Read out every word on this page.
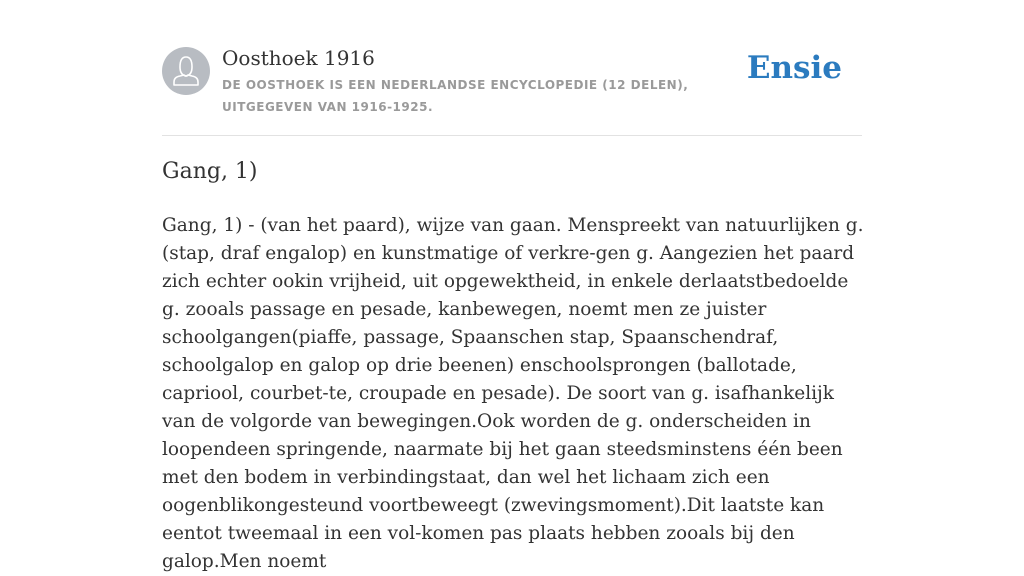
Oosthoek 1916
DE OOSTHOEK IS EEN NEDERLANDSE ENCYCLOPEDIE (12 DELEN), UITGEGEVEN VAN 1916-1925.
Ensie
Gang, 1)

Gang, 1) - (van het paard), wijze van gaan. Menspreekt van natuurlijken g. (stap, draf engalop) en kunstmatige of verkre-gen g. Aangezien het paard zich echter ookin vrijheid, uit opgewektheid, in enkele derlaatstbedoelde g. zooals passage en pesade, kanbewegen, noemt men ze juister schoolgangen(piaffe, passage, Spaanschen stap, Spaanschendraf, schoolgalop en galop op drie beenen) enschoolsprongen (ballotade, capriool, courbet-te, croupade en pesade). De soort van g. isafhankelijk van de volgorde van bewegingen.Ook worden de g. onderscheiden in loopendeen springende, naarmate bij het gaan steedsminstens één been met den bodem in verbindingstaat, dan wel het lichaam zich een oogenblikongesteund voortbeweegt (zwevingsmoment).Dit laatste kan eentot tweemaal in een vol-komen pas plaats hebben zooals bij den galop.Men noemt
